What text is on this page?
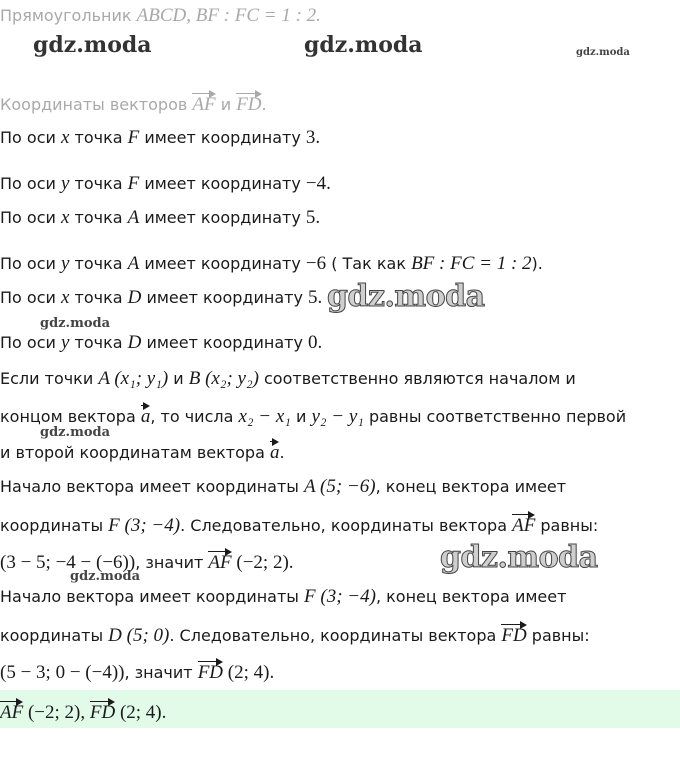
gdz.moda	gdz.moda	gdz.moda
gdz.moda
gdz.moda
gdz.moda
gdz.moda
gdz.moda
Прямоугольник ABCD, BF : FC = 1 : 2.
Координаты векторов AF и FD.
По оси x точка F имеет координату 3.
По оси y точка F имеет координату −4.
По оси x точка A имеет координату 5.
По оси y точка A имеет координату −6 ( Так как BF : FC = 1 : 2).
По оси x точка D имеет координату 5.
По оси y точка D имеет координату 0.
Если точки A (x₁; y₁) и B (x₂; y₂) соответственно являются началом и
концом вектора a, то числа x₂ − x₁ и y₂ − y₁ равны соответственно первой
и второй координатам вектора a.
Начало вектора имеет координаты A (5; −6), конец вектора имеет
координаты F (3; −4). Следовательно, координаты вектора AF равны:
(3 − 5; −4 − (−6)), значит AF (−2; 2).
Начало вектора имеет координаты F (3; −4), конец вектора имеет
координаты D (5; 0). Следовательно, координаты вектора FD равны:
(5 − 3; 0 − (−4)), значит FD (2; 4).
AF (−2; 2), FD (2; 4).
